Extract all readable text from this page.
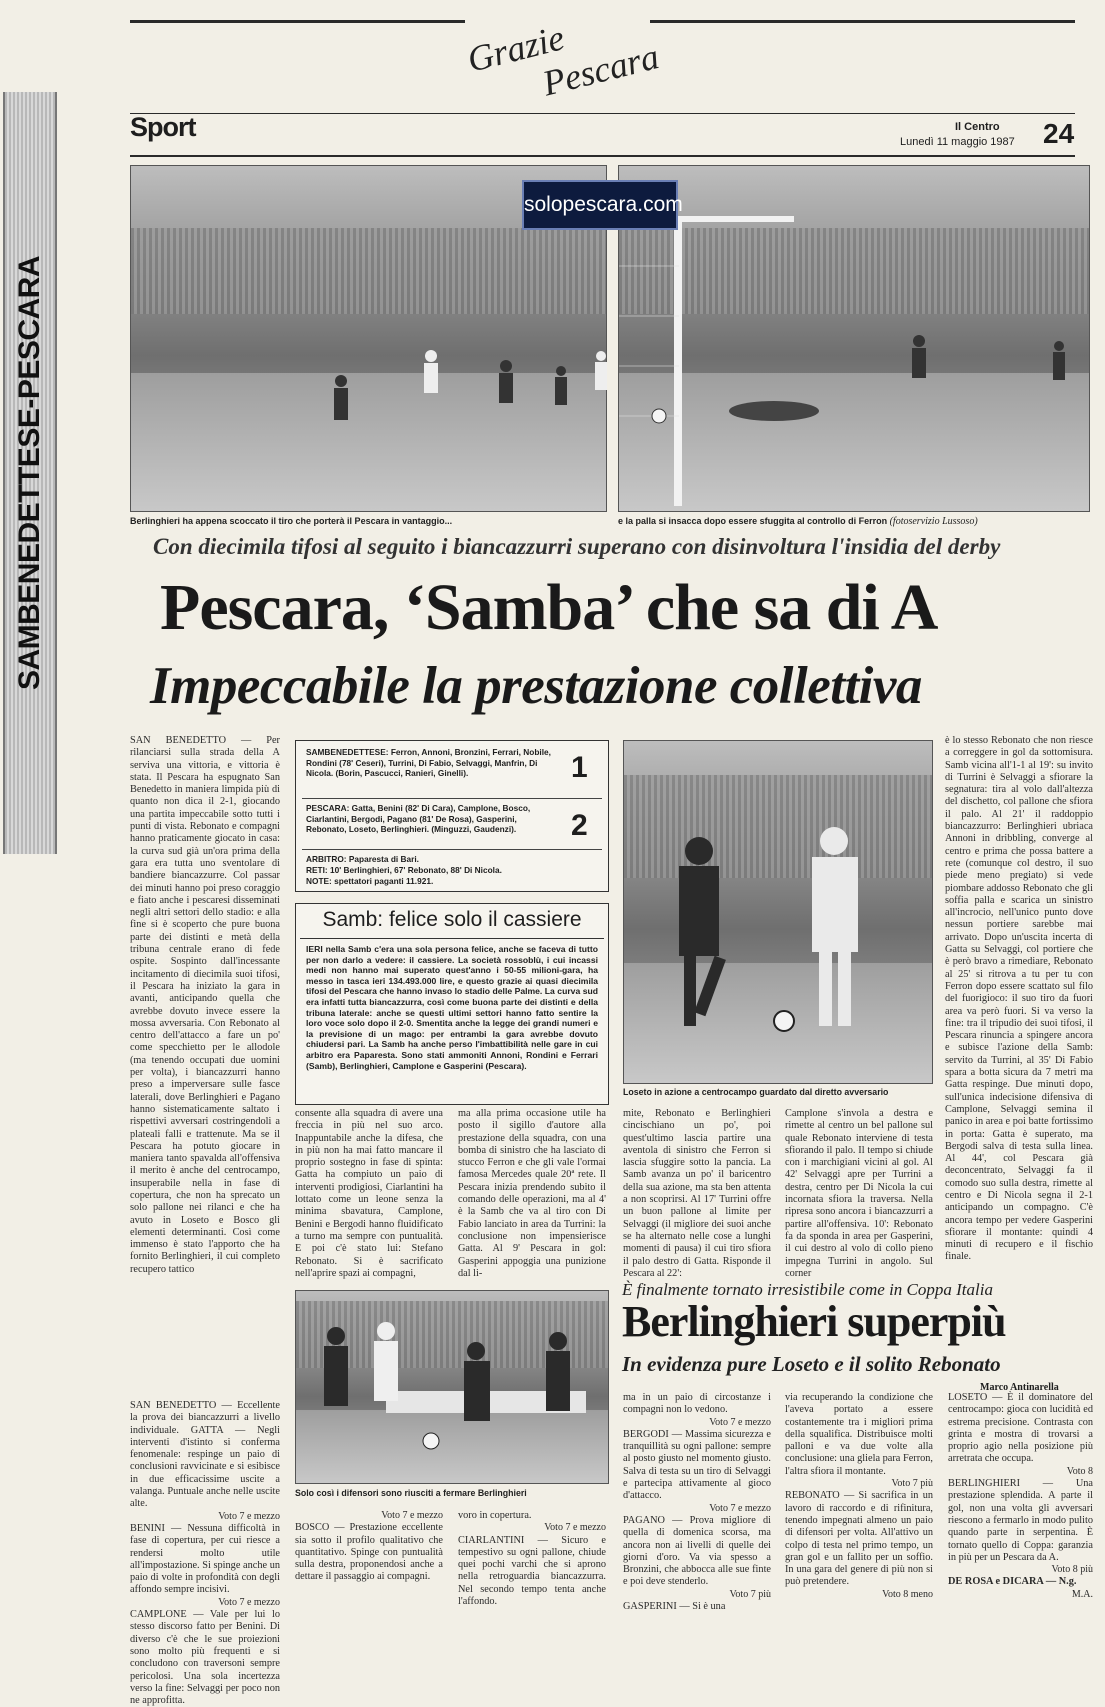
Grazie
Pescara
Sport	Il Centro
Lunedì 11 maggio 1987 24
SAMBENEDETTESE-PESCARA
solopescara.com
Berlinghieri ha appena scoccato il tiro che porterà il Pescara in vantaggio...	e la palla si insacca dopo essere sfuggita al controllo di Ferron (fotoservizio Lussoso)
Con diecimila tifosi al seguito i biancazzurri superano con disinvoltura l'insidia del derby
Pescara, ‘Samba’ che sa di A
Impeccabile la prestazione collettiva

SAN BENEDETTO — Per rilanciarsi sulla strada della A serviva una vittoria, e vittoria è stata. Il Pescara ha espugnato San Benedetto in maniera limpida più di quanto non dica il 2-1, giocando una partita impeccabile sotto tutti i punti di vista. Rebonato e compagni hanno praticamente giocato in casa: la curva sud già un'ora prima della gara era tutta uno sventolare di bandiere biancazzurre. Col passar dei minuti hanno poi preso coraggio e fiato anche i pescaresi disseminati negli altri settori dello stadio: e alla fine si è scoperto che pure buona parte dei distinti e metà della tribuna centrale erano di fede ospite. Sospinto dall'incessante incitamento di diecimila suoi tifosi, il Pescara ha iniziato la gara in avanti, anticipando quella che avrebbe dovuto invece essere la mossa avversaria. Con Rebonato al centro dell'attacco a fare un po' come specchietto per le allodole (ma tenendo occupati due uomini per volta), i biancazzurri hanno preso a imperversare sulle fasce laterali, dove Berlinghieri e Pagano hanno sistematicamente saltato i rispettivi avversari costringendoli a plateali falli e trattenute. Ma se il Pescara ha potuto giocare in maniera tanto spavalda all'offensiva il merito è anche del centrocampo, insuperabile nella in fase di copertura, che non ha sprecato un solo pallone nei rilanci e che ha avuto in Loseto e Bosco gli elementi determinanti. Così come immenso è stato l'apporto che ha fornito Berlinghieri, il cui completo recupero tattico

SAMBENEDETTESE: Ferron, Annoni, Bronzini, Ferrari, Nobile, Rondini (78' Ceseri), Turrini, Di Fabio, Selvaggi, Manfrin, Di Nicola. (Borin, Pascucci, Ranieri, Ginelli).	1
PESCARA: Gatta, Benini (82' Di Cara), Camplone, Bosco, Ciarlantini, Bergodi, Pagano (81' De Rosa), Gasperini, Rebonato, Loseto, Berlinghieri. (Minguzzi, Gaudenzi).	2
ARBITRO: Paparesta di Bari.
RETI: 10' Berlinghieri, 67' Rebonato, 88' Di Nicola.
NOTE: spettatori paganti 11.921.
Samb: felice solo il cassiere
IERI nella Samb c'era una sola persona felice, anche se faceva di tutto per non darlo a vedere: il cassiere. La società rossoblù, i cui incassi medi non hanno mai superato quest'anno i 50-55 milioni-gara, ha messo in tasca ieri 134.493.000 lire, e questo grazie ai quasi diecimila tifosi del Pescara che hanno invaso lo stadio delle Palme. La curva sud era infatti tutta biancazzurra, così come buona parte dei distinti e della tribuna laterale: anche se questi ultimi settori hanno fatto sentire la loro voce solo dopo il 2-0. Smentita anche la legge dei grandi numeri e la previsione di un mago: per entrambi la gara avrebbe dovuto chiudersi pari. La Samb ha anche perso l'imbattibilità nelle gare in cui arbitro era Paparesta. Sono stati ammoniti Annoni, Rondini e Ferrari (Samb), Berlinghieri, Camplone e Gasperini (Pescara).
Loseto in azione a centrocampo guardato dal diretto avversario

è lo stesso Rebonato che non riesce a correggere in gol da sottomisura. Samb vicina all'1-1 al 19': su invito di Turrini è Selvaggi a sfiorare la segnatura: tira al volo dall'altezza del dischetto, col pallone che sfiora il palo. Al 21' il raddoppio biancazzurro: Berlinghieri ubriaca Annoni in dribbling, converge al centro e prima che possa battere a rete (comunque col destro, il suo piede meno pregiato) si vede piombare addosso Rebonato che gli soffia palla e scarica un sinistro all'incrocio, nell'unico punto dove nessun portiere sarebbe mai arrivato. Dopo un'uscita incerta di Gatta su Selvaggi, col portiere che è però bravo a rimediare, Rebonato al 25' si ritrova a tu per tu con Ferron dopo essere scattato sul filo del fuorigioco: il suo tiro da fuori area va però fuori. Si va verso la fine: tra il tripudio dei suoi tifosi, il Pescara rinuncia a spingere ancora e subisce l'azione della Samb: servito da Turrini, al 35' Di Fabio spara a botta sicura da 7 metri ma Gatta respinge. Due minuti dopo, sull'unica indecisione difensiva di Camplone, Selvaggi semina il panico in area e poi batte fortissimo in porta: Gatta è superato, ma Bergodi salva di testa sulla linea. Al 44', col Pescara già deconcentrato, Selvaggi fa il comodo suo sulla destra, rimette al centro e Di Nicola segna il 2-1 anticipando un compagno. C'è ancora tempo per vedere Gasperini sfiorare il montante: quindi 4 minuti di recupero e il fischio finale.

Marco Antinarella

consente alla squadra di avere una freccia in più nel suo arco. Inappuntabile anche la difesa, che in più non ha mai fatto mancare il proprio sostegno in fase di spinta: Gatta ha compiuto un paio di interventi prodigiosi, Ciarlantini ha lottato come un leone senza la minima sbavatura, Camplone, Benini e Bergodi hanno fluidificato a turno ma sempre con puntualità. E poi c'è stato lui: Stefano Rebonato. Si è sacrificato nell'aprire spazi ai compagni,

ma alla prima occasione utile ha posto il sigillo d'autore alla prestazione della squadra, con una bomba di sinistro che ha lasciato di stucco Ferron e che gli vale l'ormai famosa Mercedes quale 20ª rete. Il Pescara inizia prendendo subito il comando delle operazioni, ma al 4' è la Samb che va al tiro con Di Fabio lanciato in area da Turrini: la conclusione non impensierisce Gatta. Al 9' Pescara in gol: Gasperini appoggia una punizione dal li-

mite, Rebonato e Berlinghieri cincischiano un po', poi quest'ultimo lascia partire una aventola di sinistro che Ferron si lascia sfuggire sotto la pancia. La Samb avanza un po' il baricentro della sua azione, ma sta ben attenta a non scoprirsi. Al 17' Turrini offre un buon pallone al limite per Selvaggi (il migliore dei suoi anche se ha alternato nelle cose a lunghi momenti di pausa) il cui tiro sfiora il palo destro di Gatta. Risponde il Pescara al 22':

Camplone s'invola a destra e rimette al centro un bel pallone sul quale Rebonato interviene di testa sfiorando il palo. Il tempo si chiude con i marchigiani vicini al gol. Al 42' Selvaggi apre per Turrini a destra, centro per Di Nicola la cui incornata sfiora la traversa. Nella ripresa sono ancora i biancazzurri a partire all'offensiva. 10': Rebonato fa da sponda in area per Gasperini, il cui destro al volo di collo pieno impegna Turrini in angolo. Sul corner

Solo così i difensori sono riusciti a fermare Berlinghieri
È finalmente tornato irresistibile come in Coppa Italia
Berlinghieri superpiù
In evidenza pure Loseto e il solito Rebonato

SAN BENEDETTO — Eccellente la prova dei biancazzurri a livello individuale. GATTA — Negli interventi d'istinto si conferma fenomenale: respinge un paio di conclusioni ravvicinate e si esibisce in due efficacissime uscite a valanga. Puntuale anche nelle uscite alte.

Voto 7 e mezzo

BENINI — Nessuna difficoltà in fase di copertura, per cui riesce a rendersi molto utile all'impostazione. Si spinge anche un paio di volte in profondità con degli affondo sempre incisivi.

Voto 7 e mezzo

CAMPLONE — Vale per lui lo stesso discorso fatto per Benini. Di diverso c'è che le sue proiezioni sono molto più frequenti e si concludono con traversoni sempre pericolosi. Una sola incertezza verso la fine: Selvaggi per poco non ne approfitta.

Voto 7 e mezzo

BOSCO — Prestazione eccellente sia sotto il profilo qualitativo che quantitativo. Spinge con puntualità sulla destra, proponendosi anche a dettare il passaggio ai compagni.

voro in copertura.

Voto 7 e mezzo

CIARLANTINI — Sicuro e tempestivo su ogni pallone, chiude quei pochi varchi che si aprono nella retroguardia biancazzurra. Nel secondo tempo tenta anche l'affondo.

ma in un paio di circostanze i compagni non lo vedono.

Voto 7 e mezzo

BERGODI — Massima sicurezza e tranquillità su ogni pallone: sempre al posto giusto nel momento giusto. Salva di testa su un tiro di Selvaggi e partecipa attivamente al gioco d'attacco.

Voto 7 e mezzo

PAGANO — Prova migliore di quella di domenica scorsa, ma ancora non ai livelli di quelle dei giorni d'oro. Va via spesso a Bronzini, che abbocca alle sue finte e poi deve stenderlo.

Voto 7 più

GASPERINI — Si è una

via recuperando la condizione che l'aveva portato a essere costantemente tra i migliori prima della squalifica. Distribuisce molti palloni e va due volte alla conclusione: una gliela para Ferron, l'altra sfiora il montante.

Voto 7 più

REBONATO — Si sacrifica in un lavoro di raccordo e di rifinitura, tenendo impegnati almeno un paio di difensori per volta. All'attivo un colpo di testa nel primo tempo, un gran gol e un fallito per un soffio. In una gara del genere di più non si può pretendere.

Voto 8 meno

LOSETO — È il dominatore del centrocampo: gioca con lucidità ed estrema precisione. Contrasta con grinta e mostra di trovarsi a proprio agio nella posizione più arretrata che occupa.

Voto 8

BERLINGHIERI — Una prestazione splendida. A parte il gol, non una volta gli avversari riescono a fermarlo in modo pulito quando parte in serpentina. È tornato quello di Coppa: garanzia in più per un Pescara da A.

Voto 8 più

DE ROSA e DICARA — N.g.

M.A.
